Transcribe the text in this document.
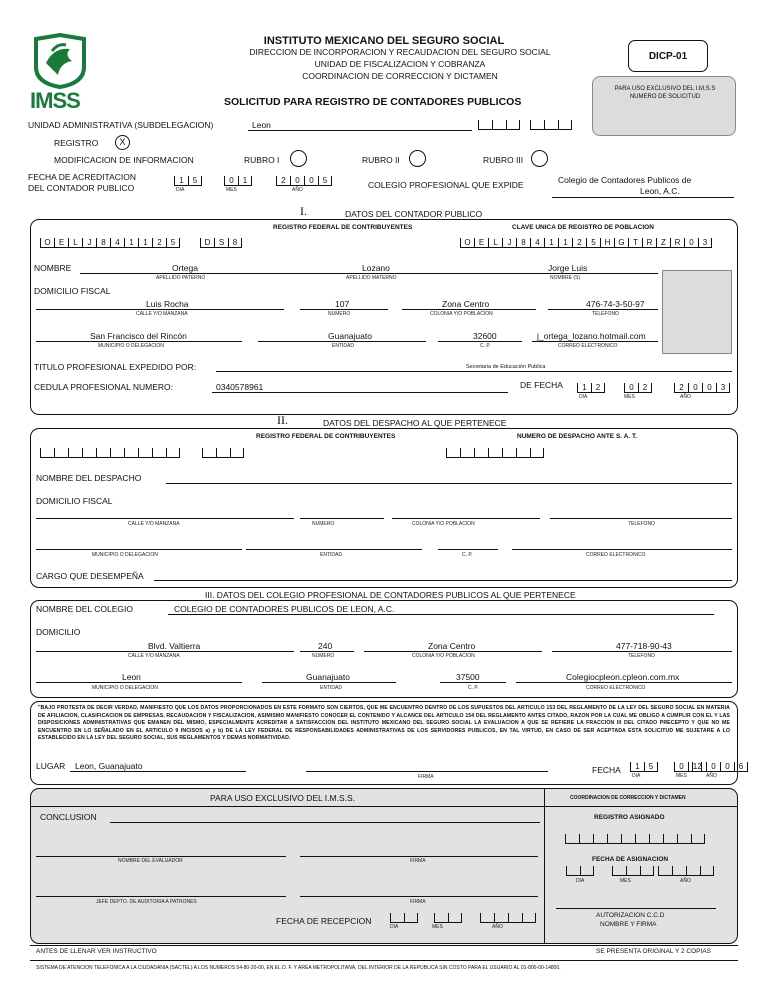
IMSS
INSTITUTO MEXICANO DEL SEGURO SOCIAL
DIRECCION DE INCORPORACION Y RECAUDACION DEL SEGURO SOCIAL
UNIDAD DE FISCALIZACION Y COBRANZA
COORDINACION DE CORRECCION Y DICTAMEN
SOLICITUD PARA REGISTRO DE CONTADORES PUBLICOS
DICP-01
PARA USO EXCLUSIVO DEL I.M.S.S NUMERO DE SOLICITUD
UNIDAD ADMINISTRATIVA (SUBDELEGACION)	Leon
REGISTRO	X
MODIFICACION DE INFORMACION	RUBRO I	RUBRO II	RUBRO III
FECHA DE ACREDITACION
DEL CONTADOR PUBLICO
1	5	0	1	2	0	0	5
DIA	MES	AÑO	COLEGIO PROFESIONAL QUE EXPIDE	Colegio de Contadores Publicos de
Leon, A.C.
I.	DATOS DEL CONTADOR PUBLICO
REGISTRO FEDERAL DE CONTRIBUYENTES	CLAVE UNICA DE REGISTRO DE POBLACION
O	E	L	J	8	4	1	1	2	5	D	S	8	O	E	L	J	8	4	1	1	2	5	H G	T	R	Z	R	0	3
NOMBRE	Ortega	Lozano	Jorge Luis
APELLIDO PATERNO	APELLIDO MATERNO	NOMBRE (S)
DOMICILIO FISCAL
Luis Rocha	107	Zona Centro	476-74-3-50-97
CALLE Y/O MANZANA	NUMERO	COLONIA Y/O POBLACION	TELEFONO
San Francisco del Rincón	Guanajuato	32600	j_ortega_lozano.hotmail.com
MUNICIPIO O DELEGACION	ENTIDAD	C. P.	CORREO ELECTRONICO
TITULO PROFESIONAL EXPEDIDO POR:	Secretaria de Educación Publica
CEDULA PROFESIONAL NUMERO:	0340578961	DE FECHA	1	2	0	2	2	0	0	3
DIA	MES	AÑO
II.	DATOS DEL DESPACHO AL QUE PERTENECE
REGISTRO FEDERAL DE CONTRIBUYENTES	NUMERO DE DESPACHO ANTE S. A. T.
NOMBRE DEL DESPACHO
DOMICILIO FISCAL
CALLE Y/O MANZANA	NUMERO	COLONIA Y/O POBLACION	TELEFONO
MUNICIPIO O DELEGACION	ENTIDAD	C. P.	CORREO ELECTRONICO
CARGO QUE DESEMPEÑA
III. DATOS DEL COLEGIO PROFESIONAL DE CONTADORES PUBLICOS AL QUE PERTENECE
NOMBRE DEL COLEGIO	COLEGIO DE CONTADORES PUBLICOS DE LEON, A.C.
DOMICILIO
Blvd. Valtierra	240	Zona Centro	477-718-90-43
CALLE Y/O MANZANA	NUMERO	COLONIA Y/O POBLACION	TELEFONO
Leon	Guanajuato	37500	Colegiocpleon.cpleon.com.mx
MUNICIPIO O DELEGACION	ENTIDAD	C. P.	CORREO ELECTRONICO
"BAJO PROTESTA DE DECIR VERDAD, MANIFIESTO QUE LOS DATOS PROPORCIONADOS EN ESTE FORMATO SON CIERTOS, QUE ME ENCUENTRO DENTRO DE LOS SUPUESTOS DEL ARTICULO 153 DEL REGLAMENTO DE LA LEY DEL SEGURO SOCIAL EN MATERIA DE AFILIACION, CLASIFICACION DE EMPRESAS, RECAUDACION Y FISCALIZACION, ASIMISMO MANIFIESTO CONOCER EL CONTENIDO Y ALCANCE DEL ARTICULO 154 DEL REGLAMENTO ANTES CITADO, RAZON POR LA CUAL ME OBLIGO A CUMPLIR CON EL Y LAS DISPOSICIONES ADMINISTRATIVAS QUE EMANEN DEL MISMO, ESPECIALMENTE ACREDITAR A SATISFACCION DEL INSTITUTO MEXICANO DEL SEGURO SOCIAL LA EVALUACION A QUE SE REFIERE LA FRACCION III DEL CITADO PRECEPTO Y QUE NO ME ENCUENTRO EN LO SEÑALADO EN EL ARTICULO 9 INCISOS a) y b) DE LA LEY FEDERAL DE RESPONSABILIDADES ADMINISTRATIVAS DE LOS SERVIDORES PUBLICOS, EN TAL VIRTUD, EN CASO DE SER ACEPTADA ESTA SOLICITUD ME SUJETARE A LO ESTABLECIDO EN LA LEY DEL SEGURO SOCIAL, SUS REGLAMENTOS Y DEMAS NORMATIVIDAD.
LUGAR Leon, Guanajuato
FIRMA
FECHA	1	5	0	1 2	0	0	6
DIA	MES	AÑO
PARA USO EXCLUSIVO DEL I.M.S.S.	COORDINACION DE CORRECCION Y DICTAMEN
CONCLUSION
NOMBRE DEL EVALUADOR	FIRMA
JEFE DEPTO. DE AUDITORIA A PATRONES	FIRMA
FECHA DE RECEPCION
DIA	MES	AÑO
REGISTRO ASIGNADO
FECHA DE ASIGNACION
DIA	MES	AÑO
AUTORIZACION C.C.D
NOMBRE Y FIRMA
ANTES DE LLENAR VER INSTRUCTIVO	SE PRESENTA ORIGINAL Y 2 COPIAS
SISTEMA DE ATENCION TELEFONICA A LA CIUDADANIA (SACTEL) A LOS NUMEROS 54-80-20-00, EN EL D. F. Y AREA METROPOLITANA, DEL INTERIOR DE LA REPUBLICA SIN COSTO PARA EL USUARIO AL 01-800-00-14800.
